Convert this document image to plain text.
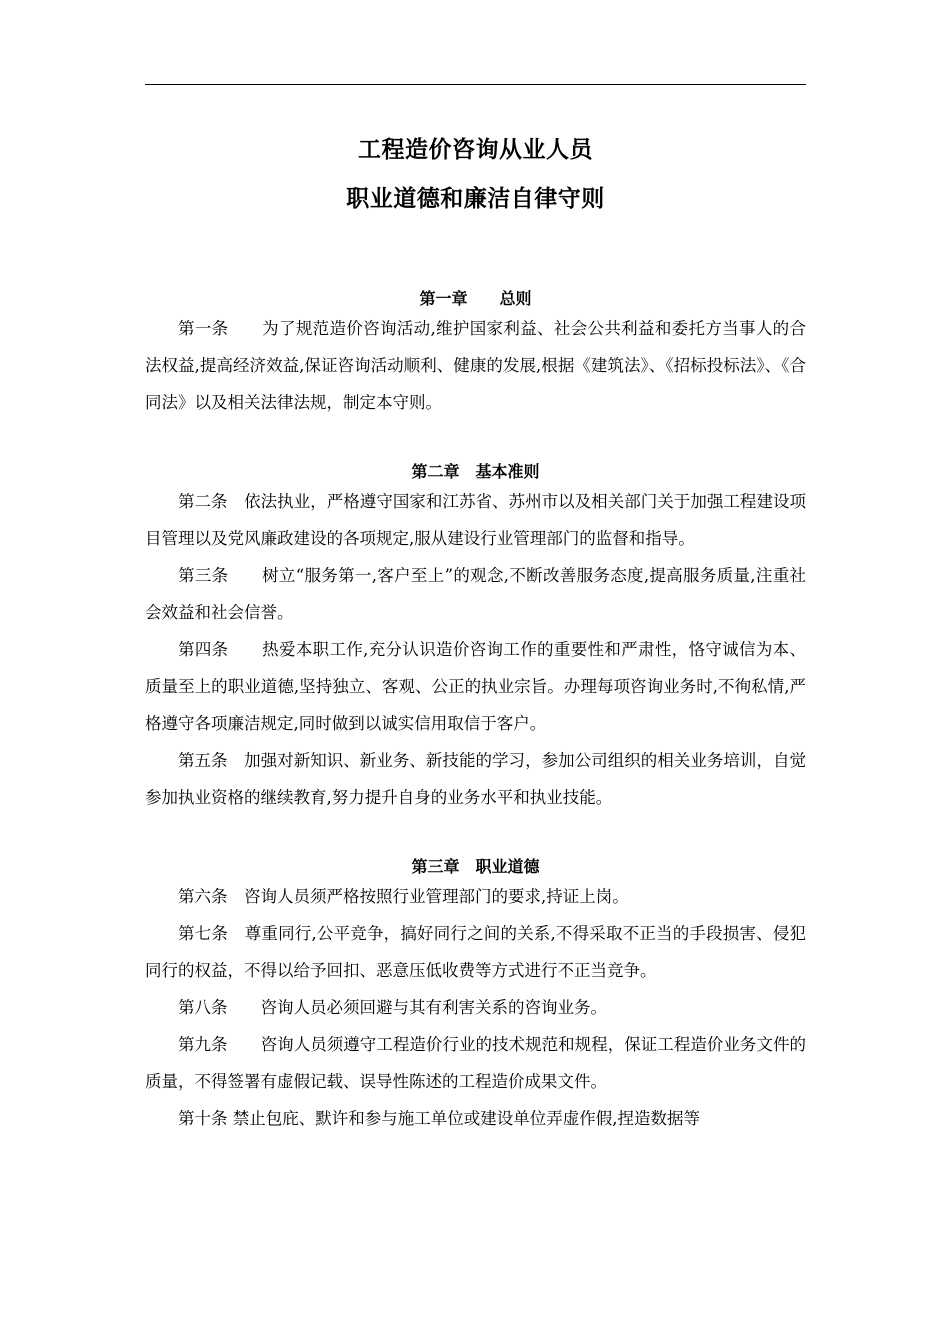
工程造价咨询从业人员
职业道德和廉洁自律守则
第一章　　总则

第一条　　为了规范造价咨询活动,维护国家利益、社会公共利益和委托方当事人的合法权益,提高经济效益,保证咨询活动顺利、健康的发展,根据《建筑法》、《招标投标法》、《合同法》以及相关法律法规，制定本守则。

第二章　基本准则

第二条　依法执业，严格遵守国家和江苏省、苏州市以及相关部门关于加强工程建设项目管理以及党风廉政建设的各项规定,服从建设行业管理部门的监督和指导。

第三条　　树立“服务第一,客户至上”的观念,不断改善服务态度,提高服务质量,注重社会效益和社会信誉。

第四条　　热爱本职工作,充分认识造价咨询工作的重要性和严肃性，恪守诚信为本、质量至上的职业道德,坚持独立、客观、公正的执业宗旨。办理每项咨询业务时,不徇私情,严格遵守各项廉洁规定,同时做到以诚实信用取信于客户。

第五条　加强对新知识、新业务、新技能的学习，参加公司组织的相关业务培训，自觉参加执业资格的继续教育,努力提升自身的业务水平和执业技能。

第三章　职业道德

第六条　咨询人员须严格按照行业管理部门的要求,持证上岗。

第七条　尊重同行,公平竞争，搞好同行之间的关系,不得采取不正当的手段损害、侵犯同行的权益，不得以给予回扣、恶意压低收费等方式进行不正当竞争。

第八条　　咨询人员必须回避与其有利害关系的咨询业务。

第九条　　咨询人员须遵守工程造价行业的技术规范和规程，保证工程造价业务文件的质量，不得签署有虚假记载、误导性陈述的工程造价成果文件。

第十条 禁止包庇、默许和参与施工单位或建设单位弄虚作假,捏造数据等
